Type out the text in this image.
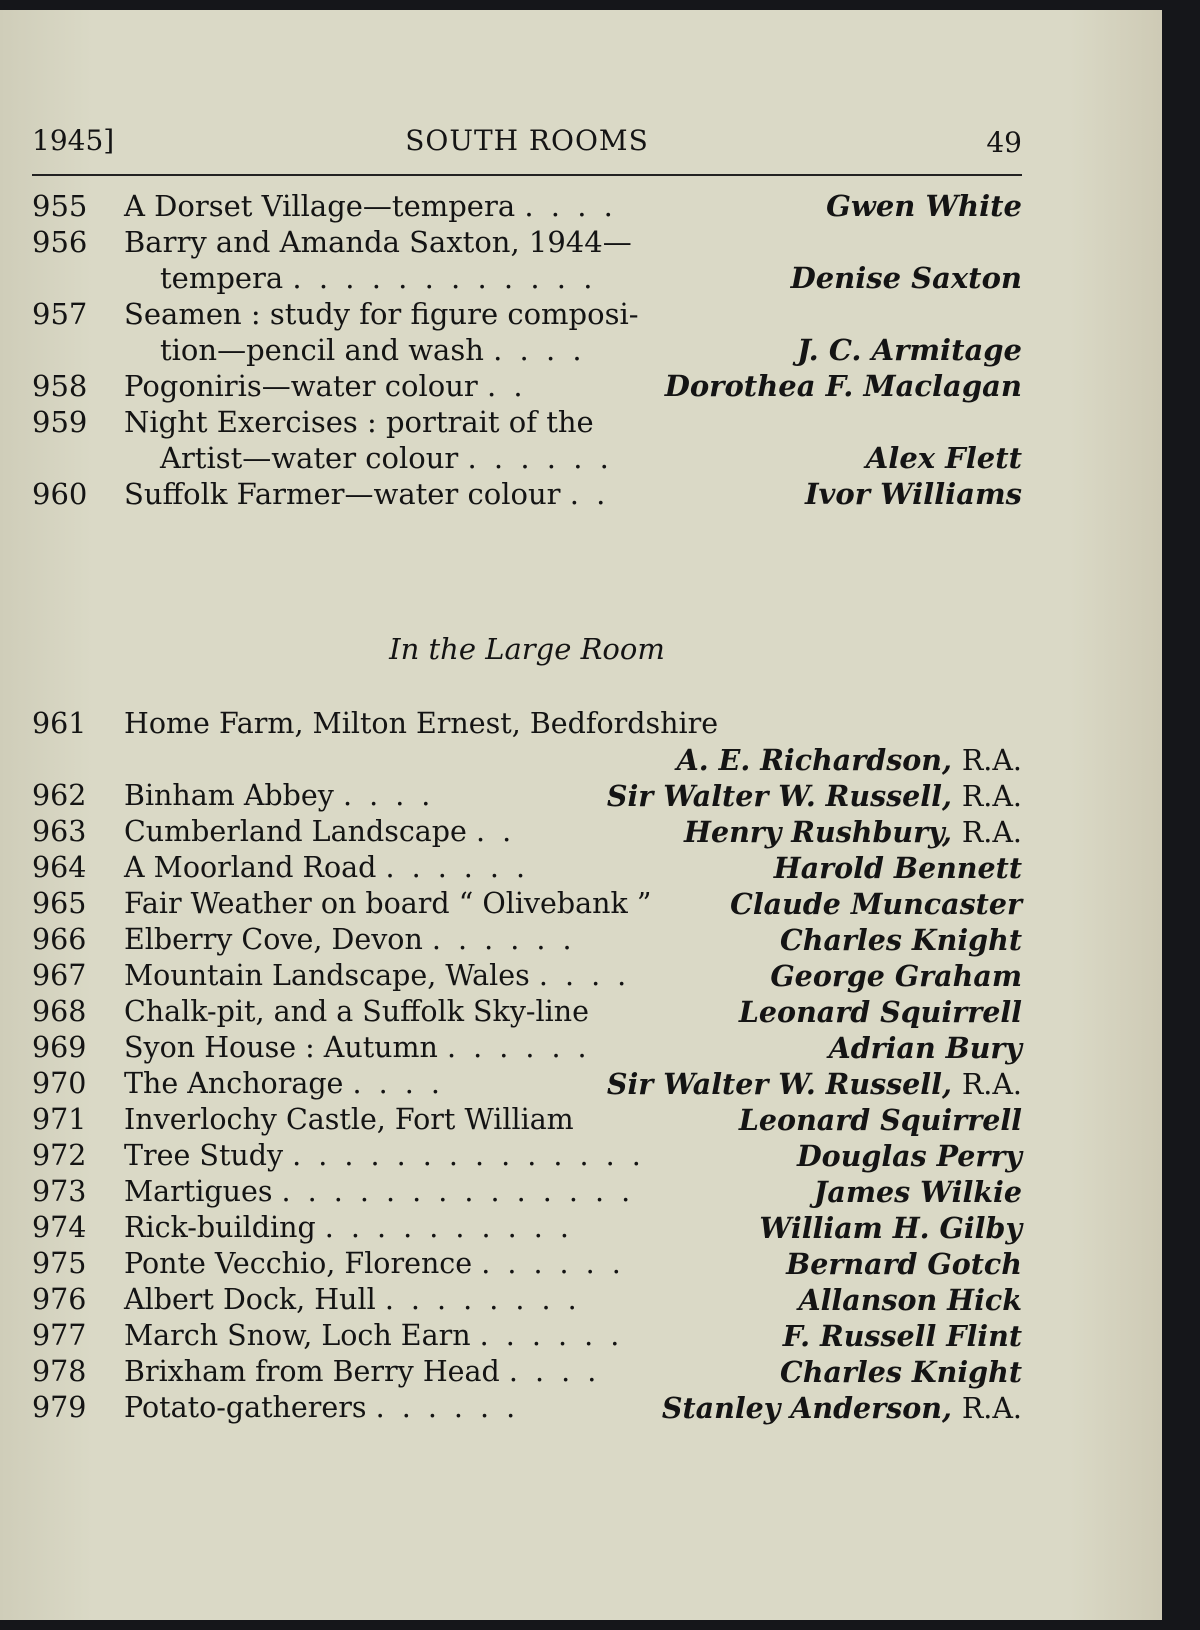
1945]	SOUTH ROOMS	49
955 A Dorset Village—tempera . . . .	Gwen White
956 Barry and Amanda Saxton, 1944—
tempera . . . . . . . . . . . .	Denise Saxton
957 Seamen : study for figure composi-
tion—pencil and wash . . . .	J. C. Armitage
958 Pogoniris—water colour . .	Dorothea F. Maclagan
959 Night Exercises : portrait of the
Artist—water colour . . . . . .	Alex Flett
960 Suffolk Farmer—water colour . .	Ivor Williams
In the Large Room
961 Home Farm, Milton Ernest, Bedfordshire
A. E. Richardson, R.A.
962 Binham Abbey . . . .	Sir Walter W. Russell, R.A.
963 Cumberland Landscape . .	Henry Rushbury, R.A.
964 A Moorland Road . . . . . .	Harold Bennett
965 Fair Weather on board “ Olivebank ”	Claude Muncaster
966 Elberry Cove, Devon . . . . . .	Charles Knight
967 Mountain Landscape, Wales . . . .	George Graham
968 Chalk-pit, and a Suffolk Sky-line	Leonard Squirrell
969 Syon House : Autumn . . . . . .	Adrian Bury
970 The Anchorage . . . .	Sir Walter W. Russell, R.A.
971 Inverlochy Castle, Fort William	Leonard Squirrell
972 Tree Study . . . . . . . . . . . . . .	Douglas Perry
973 Martigues . . . . . . . . . . . . . .	James Wilkie
974 Rick-building . . . . . . . . . .	William H. Gilby
975 Ponte Vecchio, Florence . . . . . .	Bernard Gotch
976 Albert Dock, Hull . . . . . . . .	Allanson Hick
977 March Snow, Loch Earn . . . . . .	F. Russell Flint
978 Brixham from Berry Head . . . .	Charles Knight
979 Potato-gatherers . . . . . .	Stanley Anderson, R.A.
